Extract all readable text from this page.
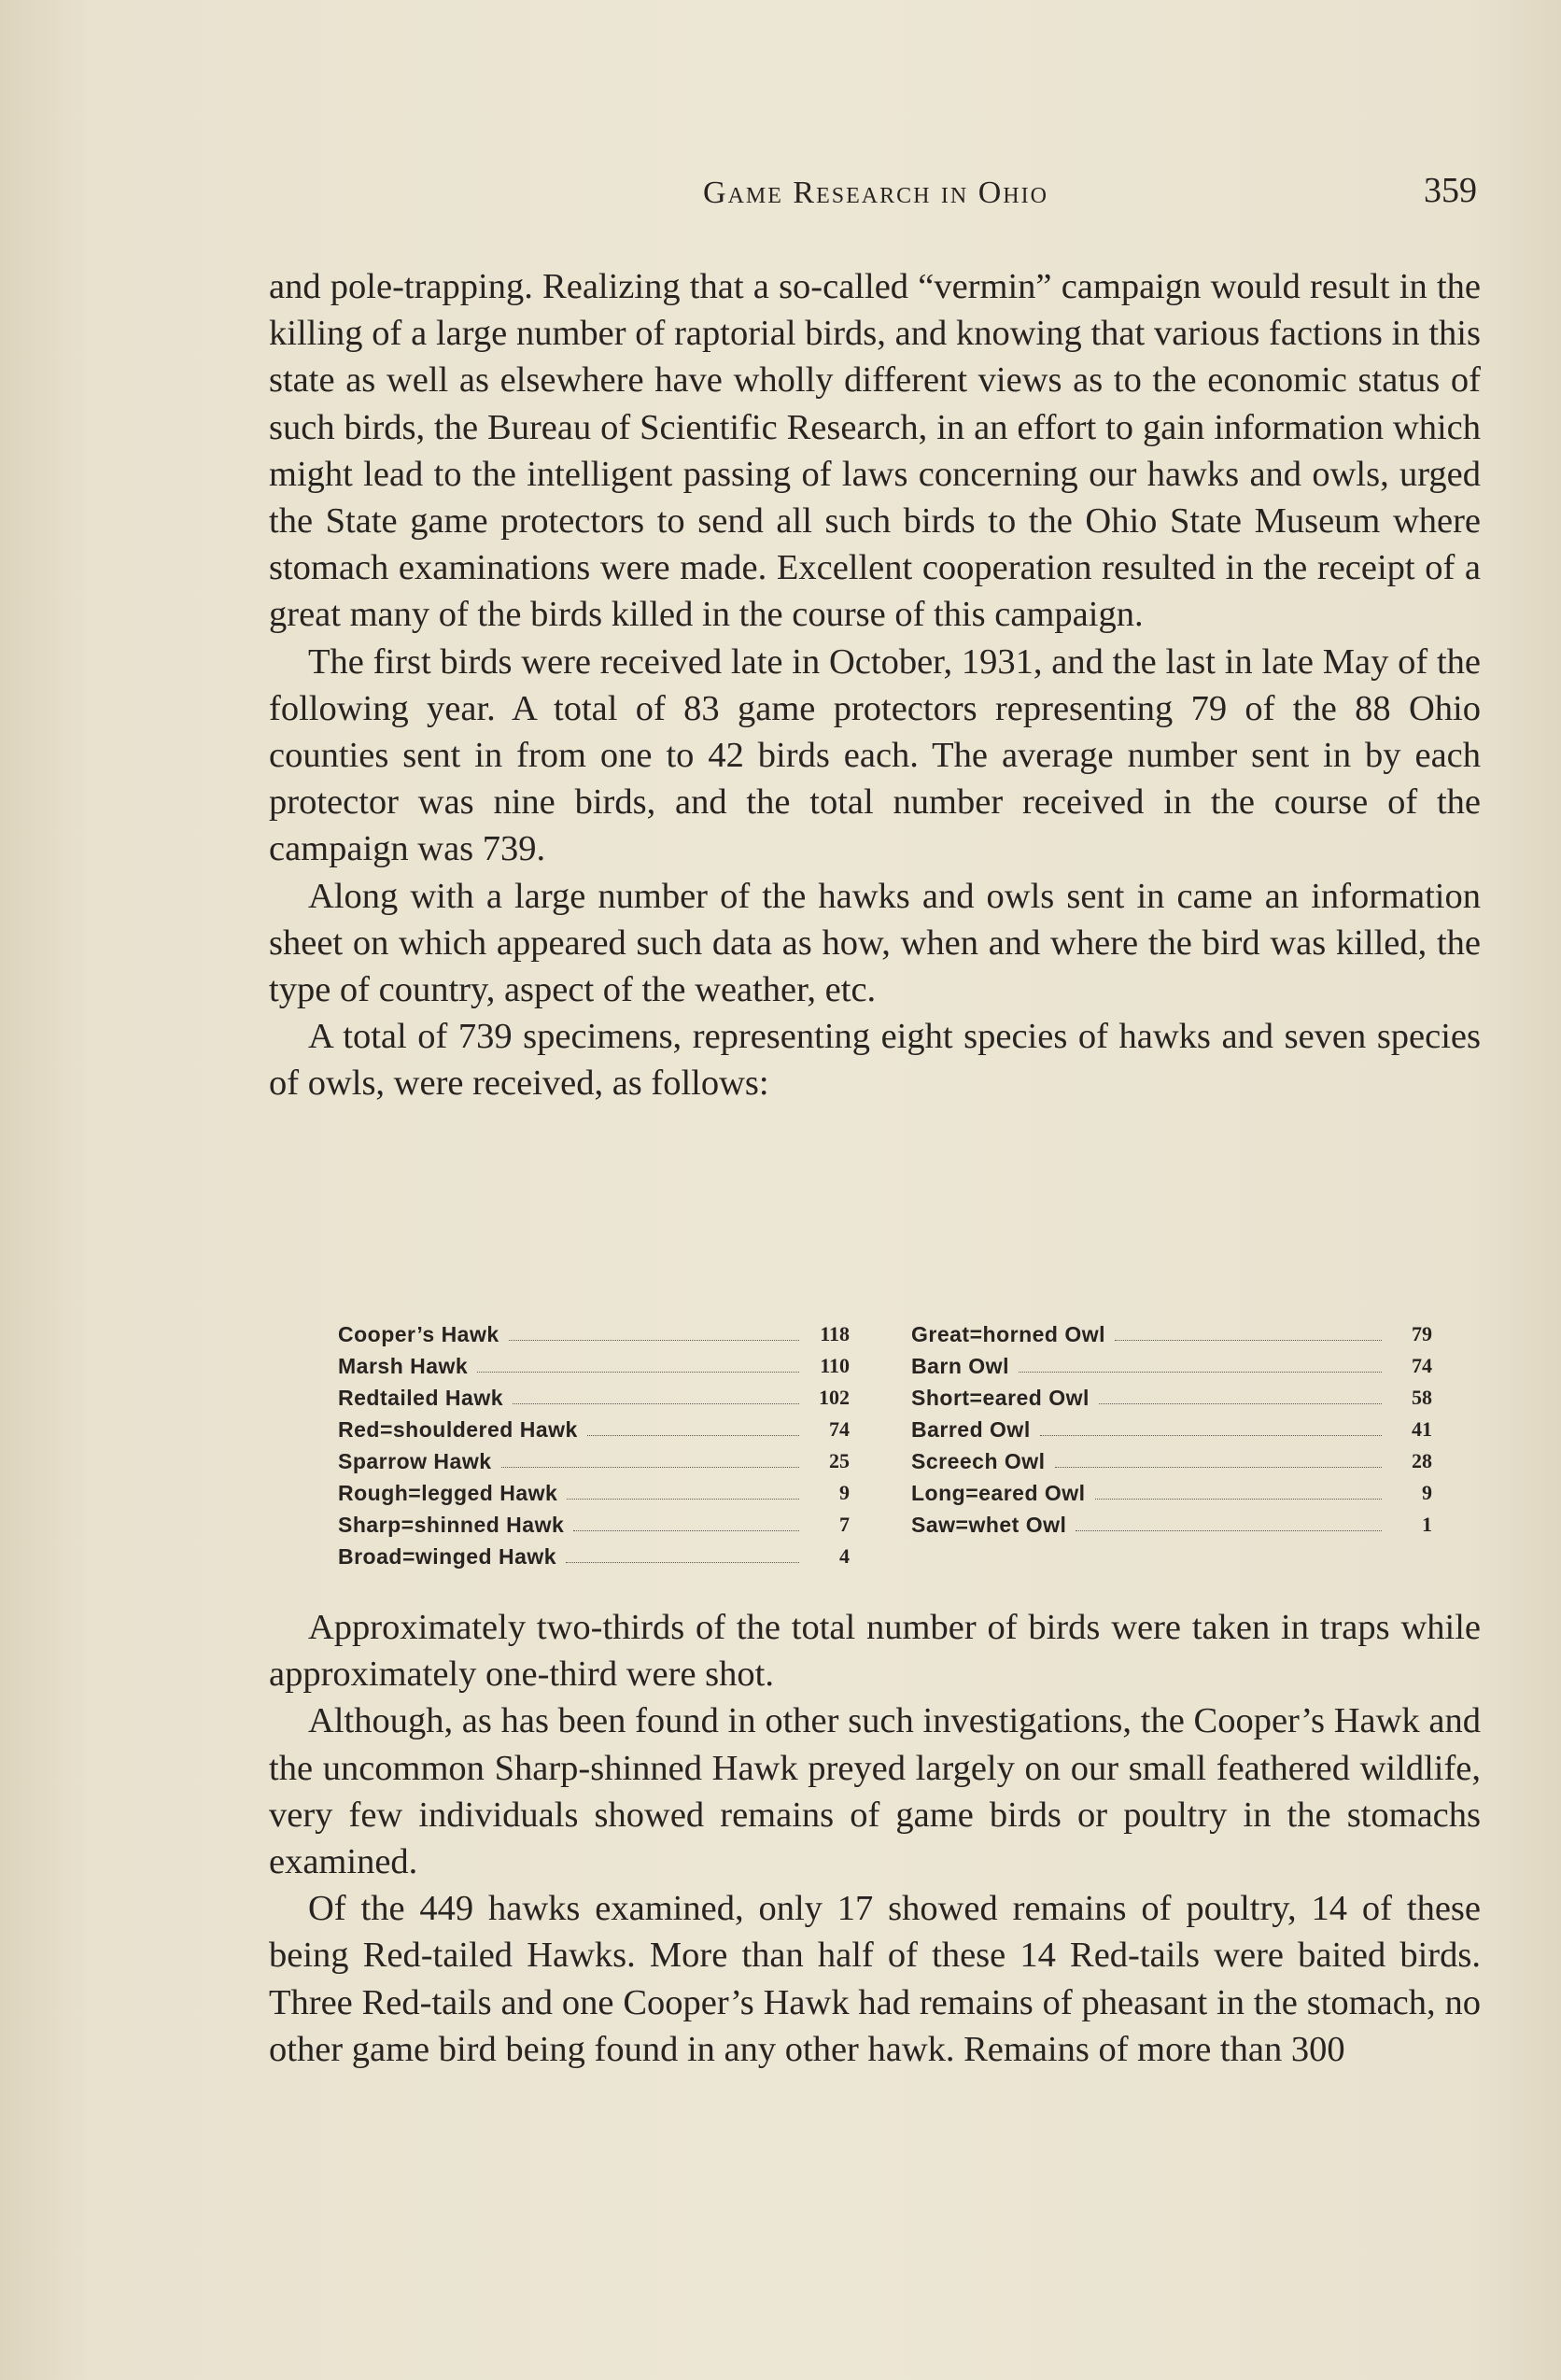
Game Research in Ohio	359

and pole-trapping. Realizing that a so-called “vermin” campaign would result in the killing of a large number of raptorial birds, and knowing that various factions in this state as well as elsewhere have wholly different views as to the economic status of such birds, the Bureau of Scientific Research, in an effort to gain information which might lead to the intelligent passing of laws concerning our hawks and owls, urged the State game protectors to send all such birds to the Ohio State Museum where stomach examinations were made. Excellent cooperation resulted in the receipt of a great many of the birds killed in the course of this campaign.

The first birds were received late in October, 1931, and the last in late May of the following year. A total of 83 game protectors representing 79 of the 88 Ohio counties sent in from one to 42 birds each. The average number sent in by each protector was nine birds, and the total number received in the course of the campaign was 739.

Along with a large number of the hawks and owls sent in came an information sheet on which appeared such data as how, when and where the bird was killed, the type of country, aspect of the weather, etc.

A total of 739 specimens, representing eight species of hawks and seven species of owls, were received, as follows:

Cooper’s Hawk	118
Marsh Hawk	110
Redtailed Hawk	102
Red=shouldered Hawk	74
Sparrow Hawk	25
Rough=legged Hawk	9
Sharp=shinned Hawk	7
Broad=winged Hawk	4
Great=horned Owl	79
Barn Owl	74
Short=eared Owl	58
Barred Owl	41
Screech Owl	28
Long=eared Owl	9
Saw=whet Owl	1

Approximately two-thirds of the total number of birds were taken in traps while approximately one-third were shot.

Although, as has been found in other such investigations, the Cooper’s Hawk and the uncommon Sharp-shinned Hawk preyed largely on our small feathered wildlife, very few individuals showed remains of game birds or poultry in the stomachs examined.

Of the 449 hawks examined, only 17 showed remains of poultry, 14 of these being Red-tailed Hawks. More than half of these 14 Red-tails were baited birds. Three Red-tails and one Cooper’s Hawk had remains of pheasant in the stomach, no other game bird being found in any other hawk. Remains of more than 300
